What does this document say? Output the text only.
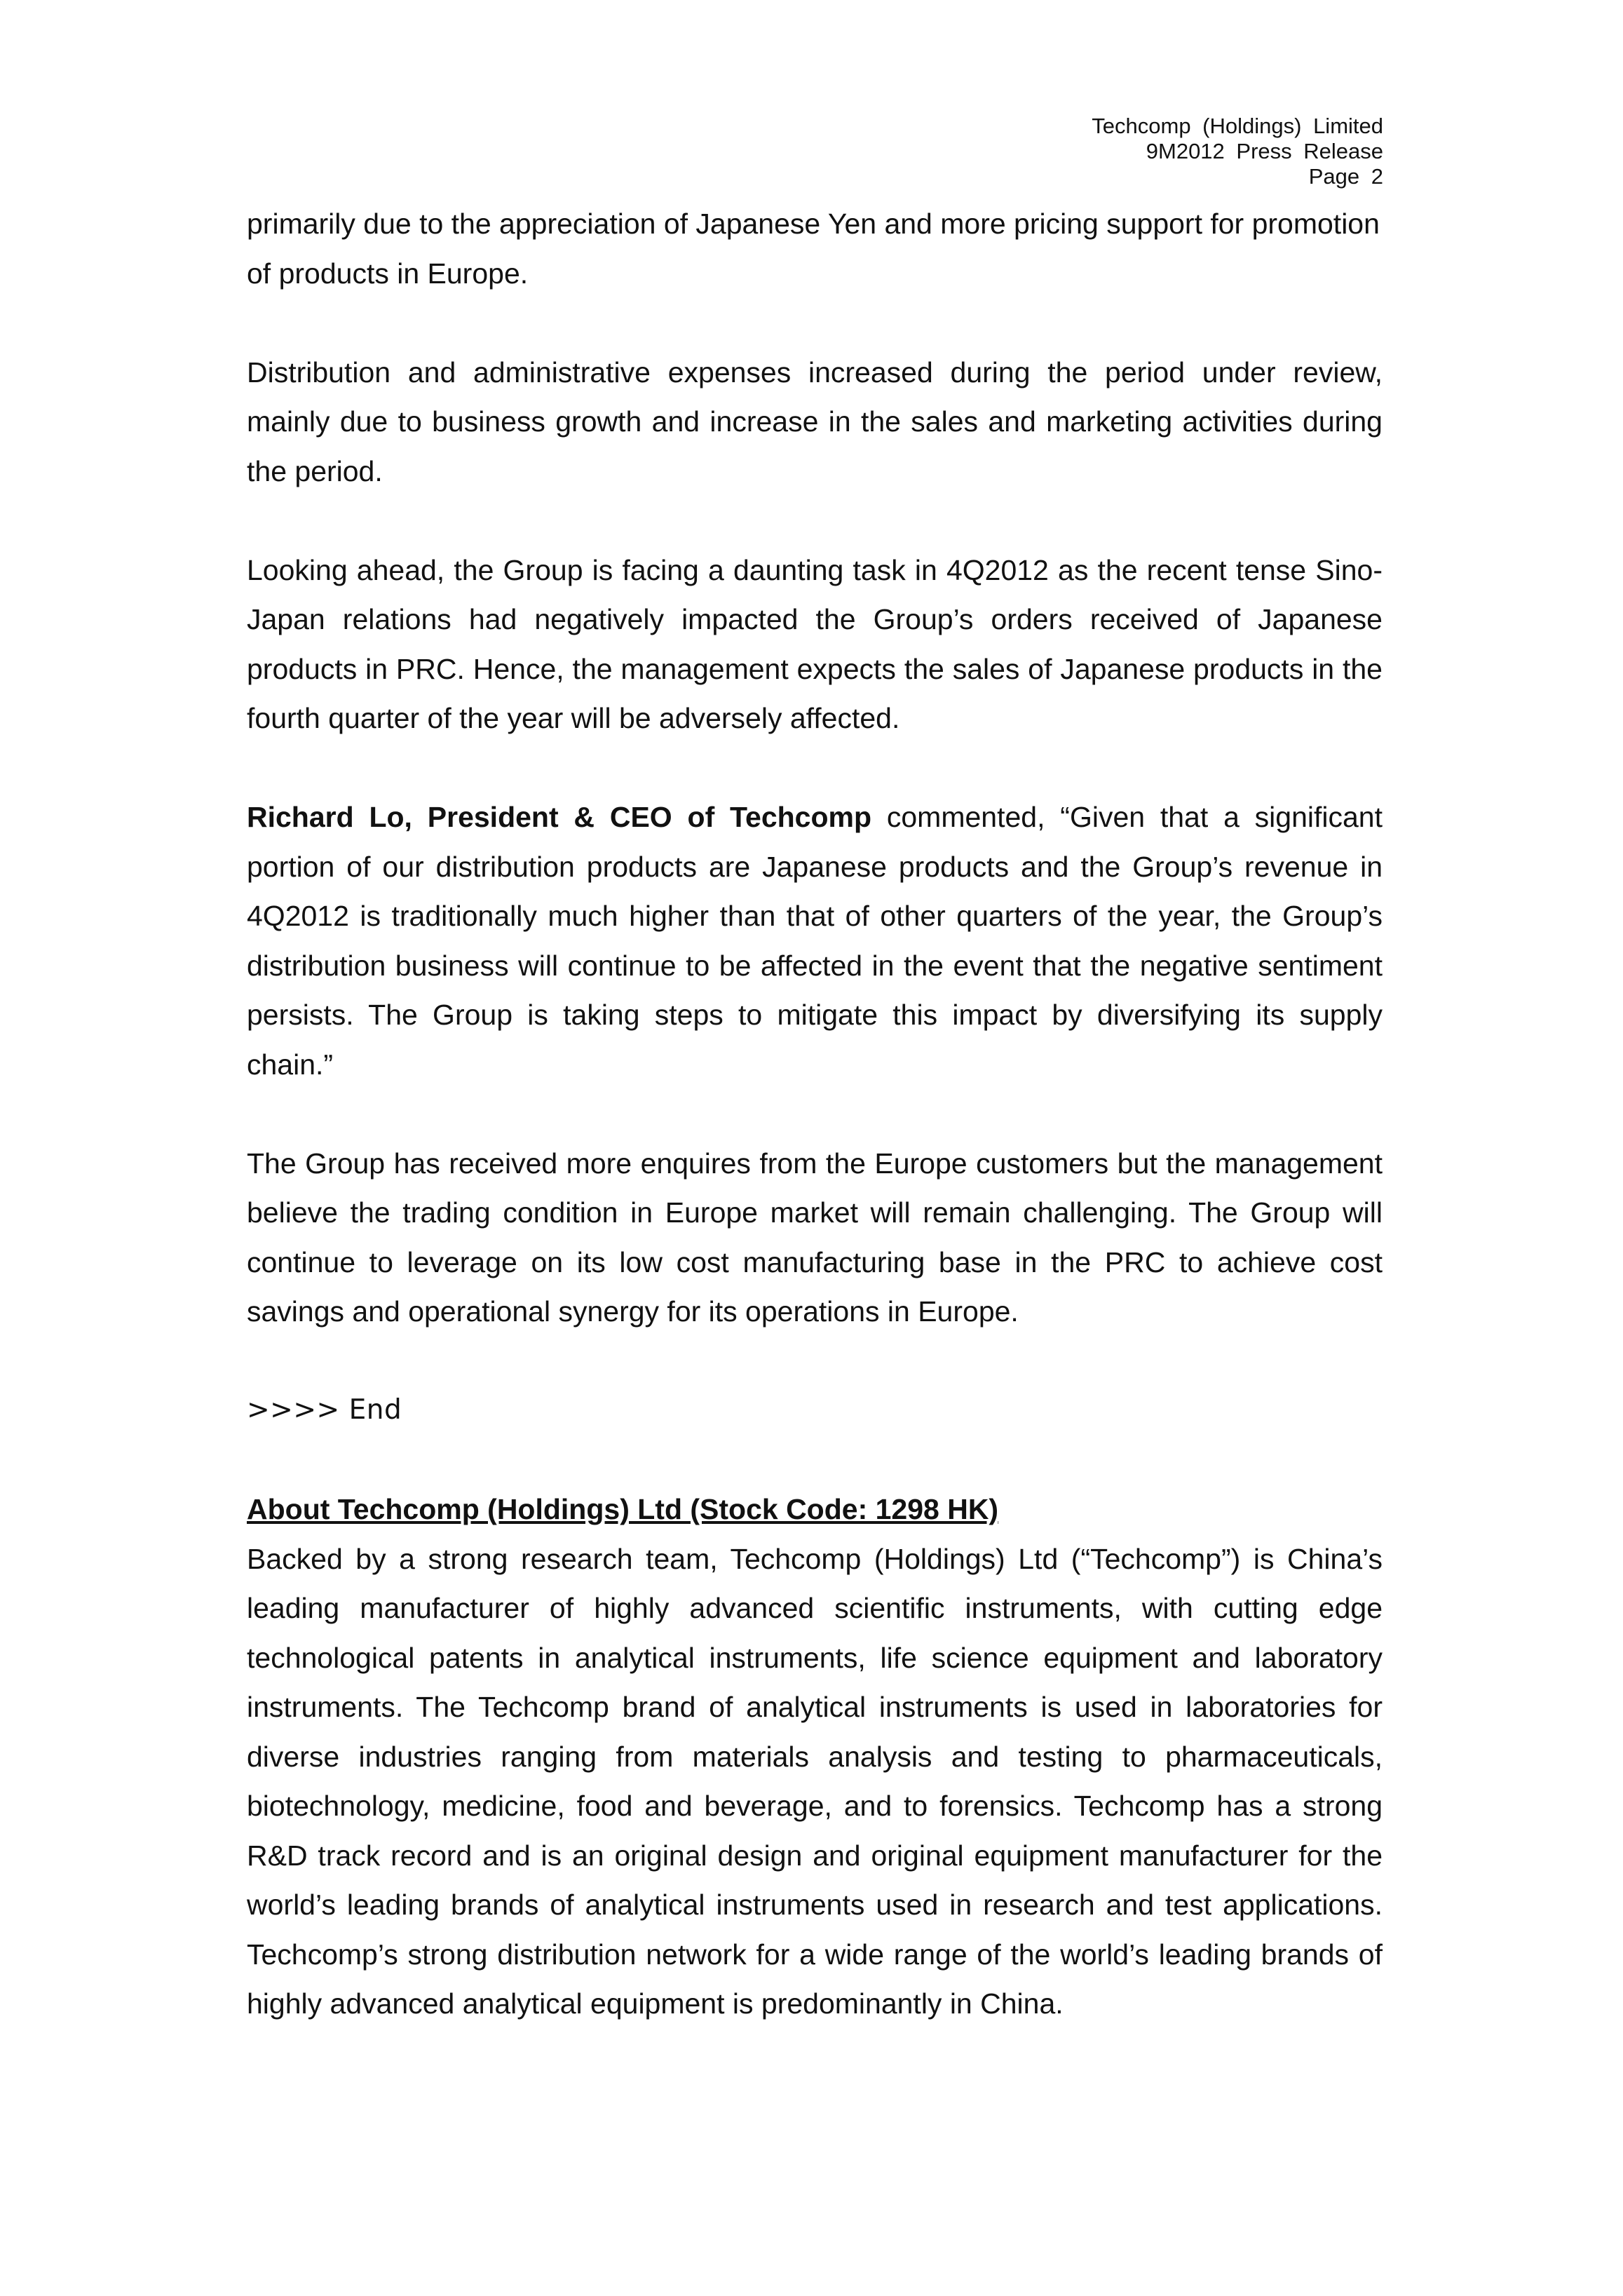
Techcomp (Holdings) Limited
9M2012 Press Release
Page 2

primarily due to the appreciation of Japanese Yen and more pricing support for promotion of products in Europe.

Distribution and administrative expenses increased during the period under review, mainly due to business growth and increase in the sales and marketing activities during the period.

Looking ahead, the Group is facing a daunting task in 4Q2012 as the recent tense Sino-Japan relations had negatively impacted the Group’s orders received of Japanese products in PRC. Hence, the management expects the sales of Japanese products in the fourth quarter of the year will be adversely affected.

Richard Lo, President & CEO of Techcomp commented, “Given that a significant portion of our distribution products are Japanese products and the Group’s revenue in 4Q2012 is traditionally much higher than that of other quarters of the year, the Group’s distribution business will continue to be affected in the event that the negative sentiment persists. The Group is taking steps to mitigate this impact by diversifying its supply chain.”

The Group has received more enquires from the Europe customers but the management believe the trading condition in Europe market will remain challenging. The Group will continue to leverage on its low cost manufacturing base in the PRC to achieve cost savings and operational synergy for its operations in Europe.

>>>> End

About Techcomp (Holdings) Ltd (Stock Code: 1298 HK)

Backed by a strong research team, Techcomp (Holdings) Ltd (“Techcomp”) is China’s leading manufacturer of highly advanced scientific instruments, with cutting edge technological patents in analytical instruments, life science equipment and laboratory instruments. The Techcomp brand of analytical instruments is used in laboratories for diverse industries ranging from materials analysis and testing to pharmaceuticals, biotechnology, medicine, food and beverage, and to forensics. Techcomp has a strong R&D track record and is an original design and original equipment manufacturer for the world’s leading brands of analytical instruments used in research and test applications. Techcomp’s strong distribution network for a wide range of the world’s leading brands of highly advanced analytical equipment is predominantly in China.
